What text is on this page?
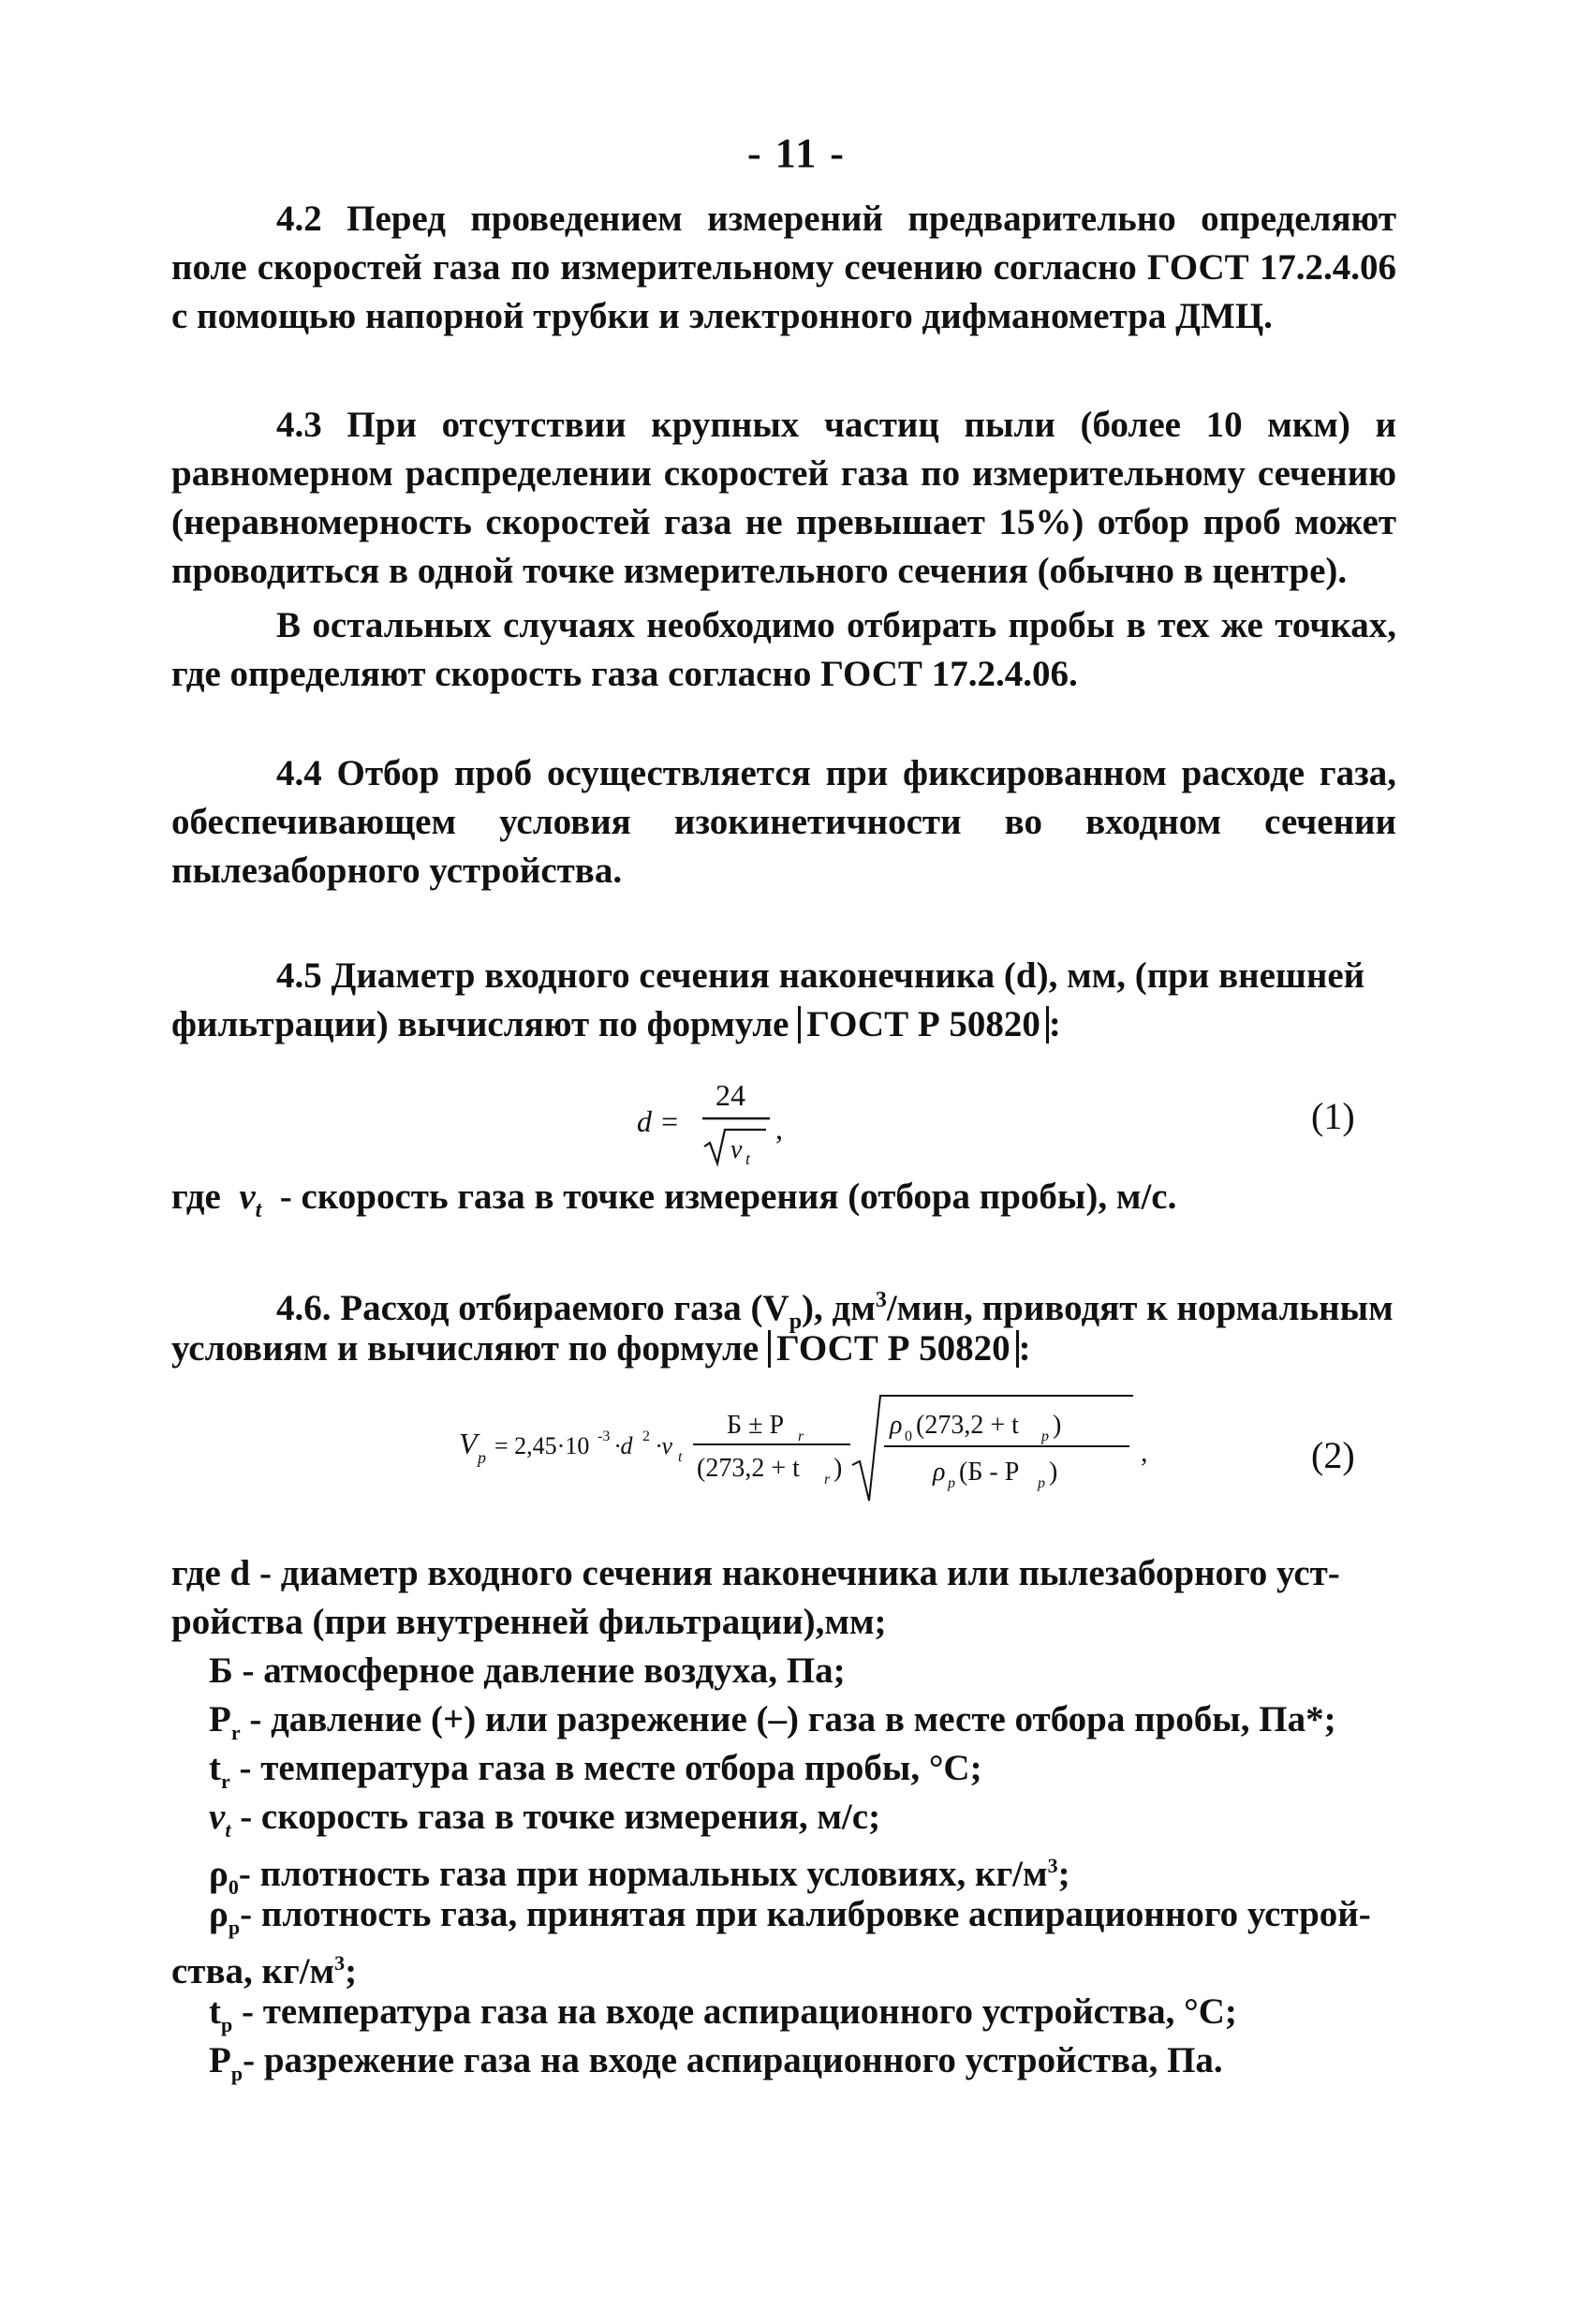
- 11 -

4.2 Перед проведением измерений предварительно определяют поле скоростей газа по измерительному сечению согласно ГОСТ 17.2.4.06 с помощью напорной трубки и электронного дифманометра ДМЦ.

4.3 При отсутствии крупных частиц пыли (более 10 мкм) и равномерном распределении скоростей газа по измерительному сечению (неравномерность скоростей газа не превышает 15%) отбор проб может проводиться в одной точке измерительного сечения (обычно в центре).

В остальных случаях необходимо отбирать пробы в тех же точках, где определяют скорость газа согласно ГОСТ 17.2.4.06.

4.4 Отбор проб осуществляется при фиксированном расходе газа, обеспечивающем условия изокинетичности во входном сечении пылезаборного устройства.

4.5 Диаметр входного сечения наконечника (d), мм, (при внешней
фильтрации) вычисляют по формуле ГОСТ Р 50820 :
d =
24
v t
,	(1)
где $v_t$ - скорость газа в точке измерения (отбора пробы), м/с.
4.6. Расход отбираемого газа $(V_р)$, $дм^3$/мин, приводят к нормальным
условиям и вычисляют по формуле ГОСТ Р 50820 :
V p = 2,45·10 -3 ·d 2 ·v t
Б ± P r
(273,2 + t r )
ρ 0 (273,2 + t p )
ρ p (Б - P p )
,	(2)
где d - диаметр входного сечения наконечника или пылезаборного уст-
ройства (при внутренней фильтрации),мм;
Б - атмосферное давление воздуха, Па;
$P_r$ - давление (+) или разрежение (–) газа в месте отбора пробы, Па*;
$t_r$ - температура газа в месте отбора пробы, °C;
$v_t$ - скорость газа в точке измерения, м/с;
$\rho_0-$ плотность газа при нормальных условиях, $кг/м^3$;
$\rho_р-$ плотность газа, принятая при калибровке аспирационного устрой-
ства, $кг/м^3$;
$t_р$ - температура газа на входе аспирационного устройства, °C;
$P_р-$ разрежение газа на входе аспирационного устройства, Па.
